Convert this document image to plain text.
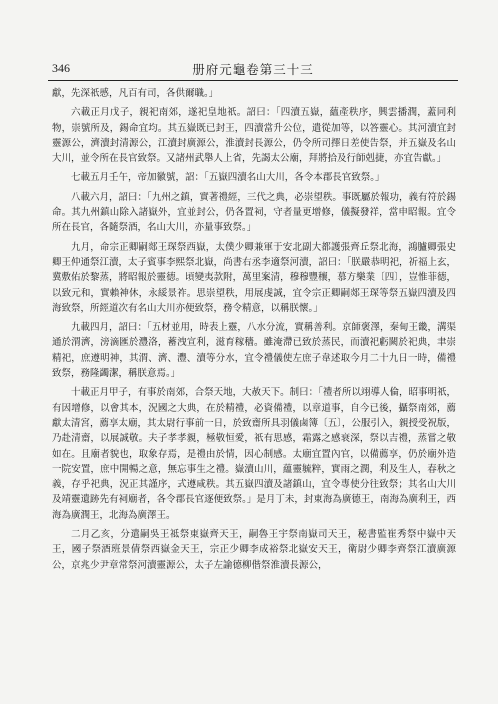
346	册府元龜卷第三十三

獻，先深祇慼，凡百有司，各供爾職。」

六載正月戊子，親祀南郊，遂祀皇地祇。詔曰：「四瀆五嶽，蘊產秩序，興雲播潤，蓋同利物，崇號所及，錫命宜均。其五嶽既已封王，四瀆當升公位，遣從加等，以答靈心。其河瀆宜封靈源公，濟瀆封清源公，江瀆封廣源公，淮瀆封長源公，仍令所司擇日差使告祭，并五嶽及名山大川，並令所在長官致祭。又諸州武舉人上省，先謁太公廟，拜將拾及行師剋捷，亦宜告獻。」

七載五月壬午，帝加徽號，詔：「五嶽四瀆名山大川，各令本郡長官致祭。」

八載六月，詔曰：「九州之鎮，實著禮經，三代之典，必崇望秩。事既屬於報功，義有符於錫命。其九州鎮山除入諸嶽外，宜並封公，仍各置祠，守者量更增修，儀擬發祥，當申昭報。宜令所在長官，各隨祭酒，名山大川，亦量事致祭。」

九月，命宗正卿嗣郯王琛祭西嶽，太僕少卿兼軍于安北副大都護張齊丘祭北海，鴻臚卿張史卿王仲通祭江瀆，太子賓事李熙祭北嶽，尚書右丞李適祭河瀆，詔曰：「朕嚴恭明祀，祈福上玄，冀敷佑於黎蒸，將昭報於靈德。頃變夷款附，萬里案清，穆穆豐穰，慕方樂業〔四〕，豈惟菲德，以致元和，實賴神休，永綏景祚。思崇望秩，用展虔誠，宜令宗正卿嗣郯王琛等祭五嶽四瀆及四海致祭，所經道次有名山大川亦便致祭，務令精意，以稱朕懷。」

九載四月，詔曰：「五材並用，時表上靈，八水分流，實稱善利。京師褒澤，秦甸王畿，溝渠通於渭濟，滂滴匯於灃洛，蓄洩宣利，滋育稼穡。雖淹滯已致於蒸民，而瀆祀虧闕於祀典，聿崇精祀，庶遵明神，其渭、濟、灃、瀆等分水，宜令禮儀使左庶子韋述取今月二十九日一時，備禮致祭，務隆蠲潔，稱朕意焉。」

十載正月甲子，有事於南郊，合祭天地，大赦天下。制曰：「禮者所以翊導人倫，昭事明祇，有因增修，以會其本，況國之大典，在於精禮，必資備禮，以章道事，自今已後，攝祭南郊，薦獻太清宮，薦享太廟，其太尉行事前一日，於致齋所具羽儀鹵簿〔五〕，公服引入，親授受祝版，乃赴清齋，以展誠敬。夫子孝孝親，極敬恒愛，祇有思感，霜露之感衰深，祭以吉禮，蒸嘗之敬如在。且廟者貌也，取象存焉，是禮由於情，因心制感。太廟宜置內官，以備薦享，仍於廟外造一院安置，庶中開暢之意，無忘事生之禮。嶽瀆山川，蘊靈毓粹，實雨之潤，利及生人，春秋之義，存乎祀典，況正其謹序，式遵咸秩。其五嶽四瀆及諸鎮山，宜令專使分往致祭；其名山大川及靖靈遺跡先有祠廟者，各令郡長官逐便致祭。」是月丁未，封東海為廣德王，南海為廣利王，西海為廣潤王，北海為廣澤王。

二月乙亥，分遣嗣吳王祗祭東嶽齊天王，嗣魯王宇祭南嶽司天王，秘書監崔秀祭中嶽中天王，國子祭酒班景倩祭西嶽金天王，宗正少卿李成裕祭北嶽安天王，衛尉少卿李齊祭江瀆廣源公，京兆少尹章常祭河瀆靈源公，太子左諭德柳偕祭淮瀆長源公，
